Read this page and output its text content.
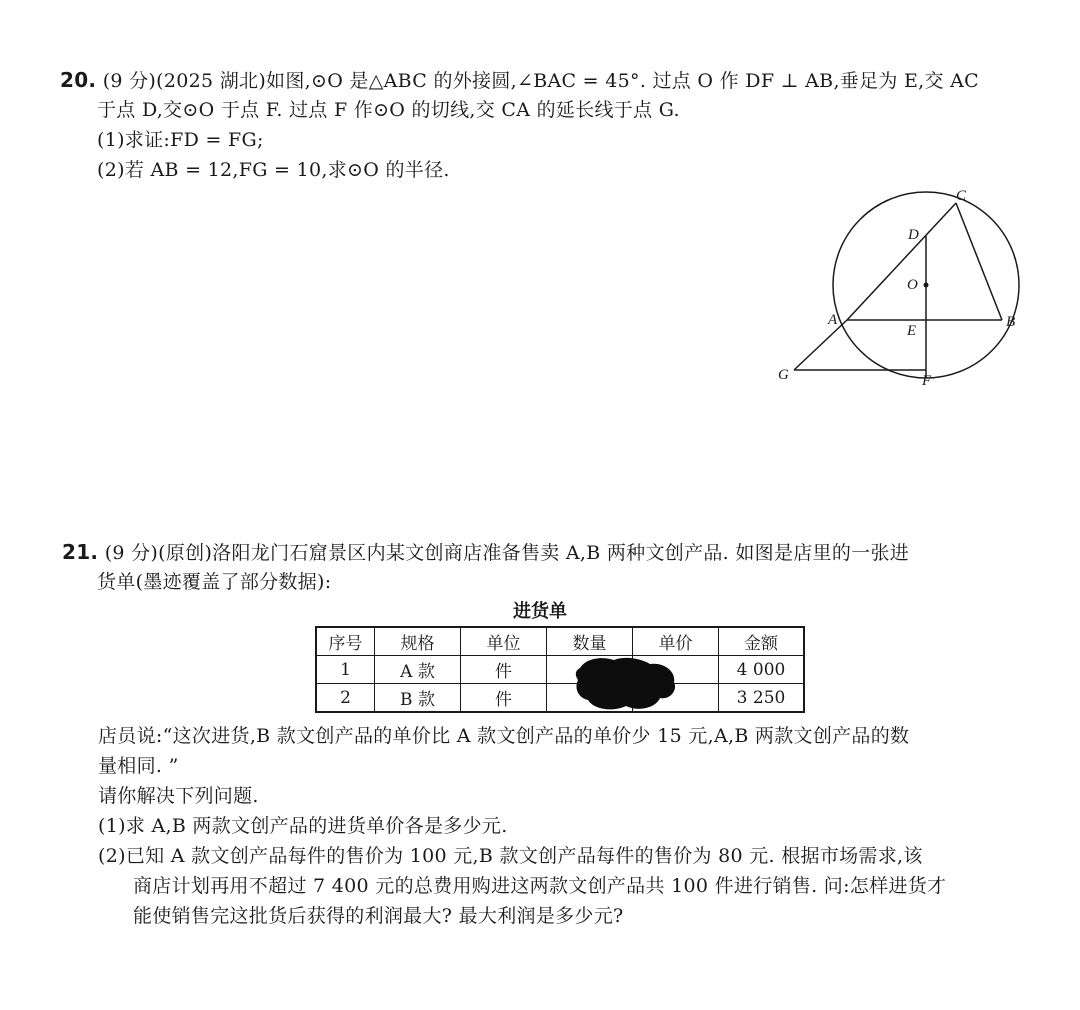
20. (9 分)(2025 湖北)如图,⊙O 是△ABC 的外接圆,∠BAC = 45°. 过点 O 作 DF ⊥ AB,垂足为 E,交 AC
于点 D,交⊙O 于点 F. 过点 F 作⊙O 的切线,交 CA 的延长线于点 G.
(1)求证:FD = FG;
(2)若 AB = 12,FG = 10,求⊙O 的半径.
C
D
O
A	B
E
G	F
21. (9 分)(原创)洛阳龙门石窟景区内某文创商店准备售卖 A,B 两种文创产品. 如图是店里的一张进
货单(墨迹覆盖了部分数据):
进货单
序号	规格	单位	数量	单价	金额
1	A 款	件			4 000
2	B 款	件			3 250
店员说:“这次进货,B 款文创产品的单价比 A 款文创产品的单价少 15 元,A,B 两款文创产品的数
量相同. ”
请你解决下列问题.
(1)求 A,B 两款文创产品的进货单价各是多少元.
(2)已知 A 款文创产品每件的售价为 100 元,B 款文创产品每件的售价为 80 元. 根据市场需求,该
商店计划再用不超过 7 400 元的总费用购进这两款文创产品共 100 件进行销售. 问:怎样进货才
能使销售完这批货后获得的利润最大? 最大利润是多少元?
